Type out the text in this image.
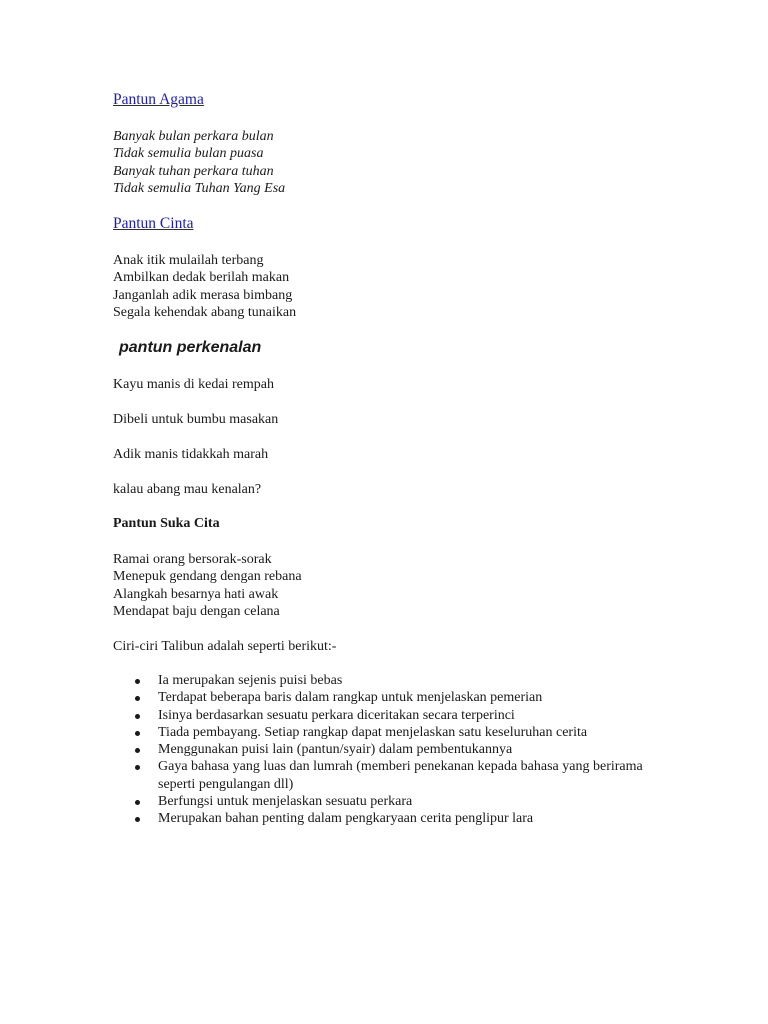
Pantun Agama
Banyak bulan perkara bulan
Tidak semulia bulan puasa
Banyak tuhan perkara tuhan
Tidak semulia Tuhan Yang Esa
Pantun Cinta
Anak itik mulailah terbang
Ambilkan dedak berilah makan
Janganlah adik merasa bimbang
Segala kehendak abang tunaikan
pantun perkenalan
Kayu manis di kedai rempah
Dibeli untuk bumbu masakan
Adik manis tidakkah marah
kalau abang mau kenalan?
Pantun Suka Cita
Ramai orang bersorak-sorak
Menepuk gendang dengan rebana
Alangkah besarnya hati awak
Mendapat baju dengan celana
Ciri-ciri Talibun adalah seperti berikut:-
Ia merupakan sejenis puisi bebas
Terdapat beberapa baris dalam rangkap untuk menjelaskan pemerian
Isinya berdasarkan sesuatu perkara diceritakan secara terperinci
Tiada pembayang. Setiap rangkap dapat menjelaskan satu keseluruhan cerita
Menggunakan puisi lain (pantun/syair) dalam pembentukannya
Gaya bahasa yang luas dan lumrah (memberi penekanan kepada bahasa yang berirama seperti pengulangan dll)
Berfungsi untuk menjelaskan sesuatu perkara
Merupakan bahan penting dalam pengkaryaan cerita penglipur lara
